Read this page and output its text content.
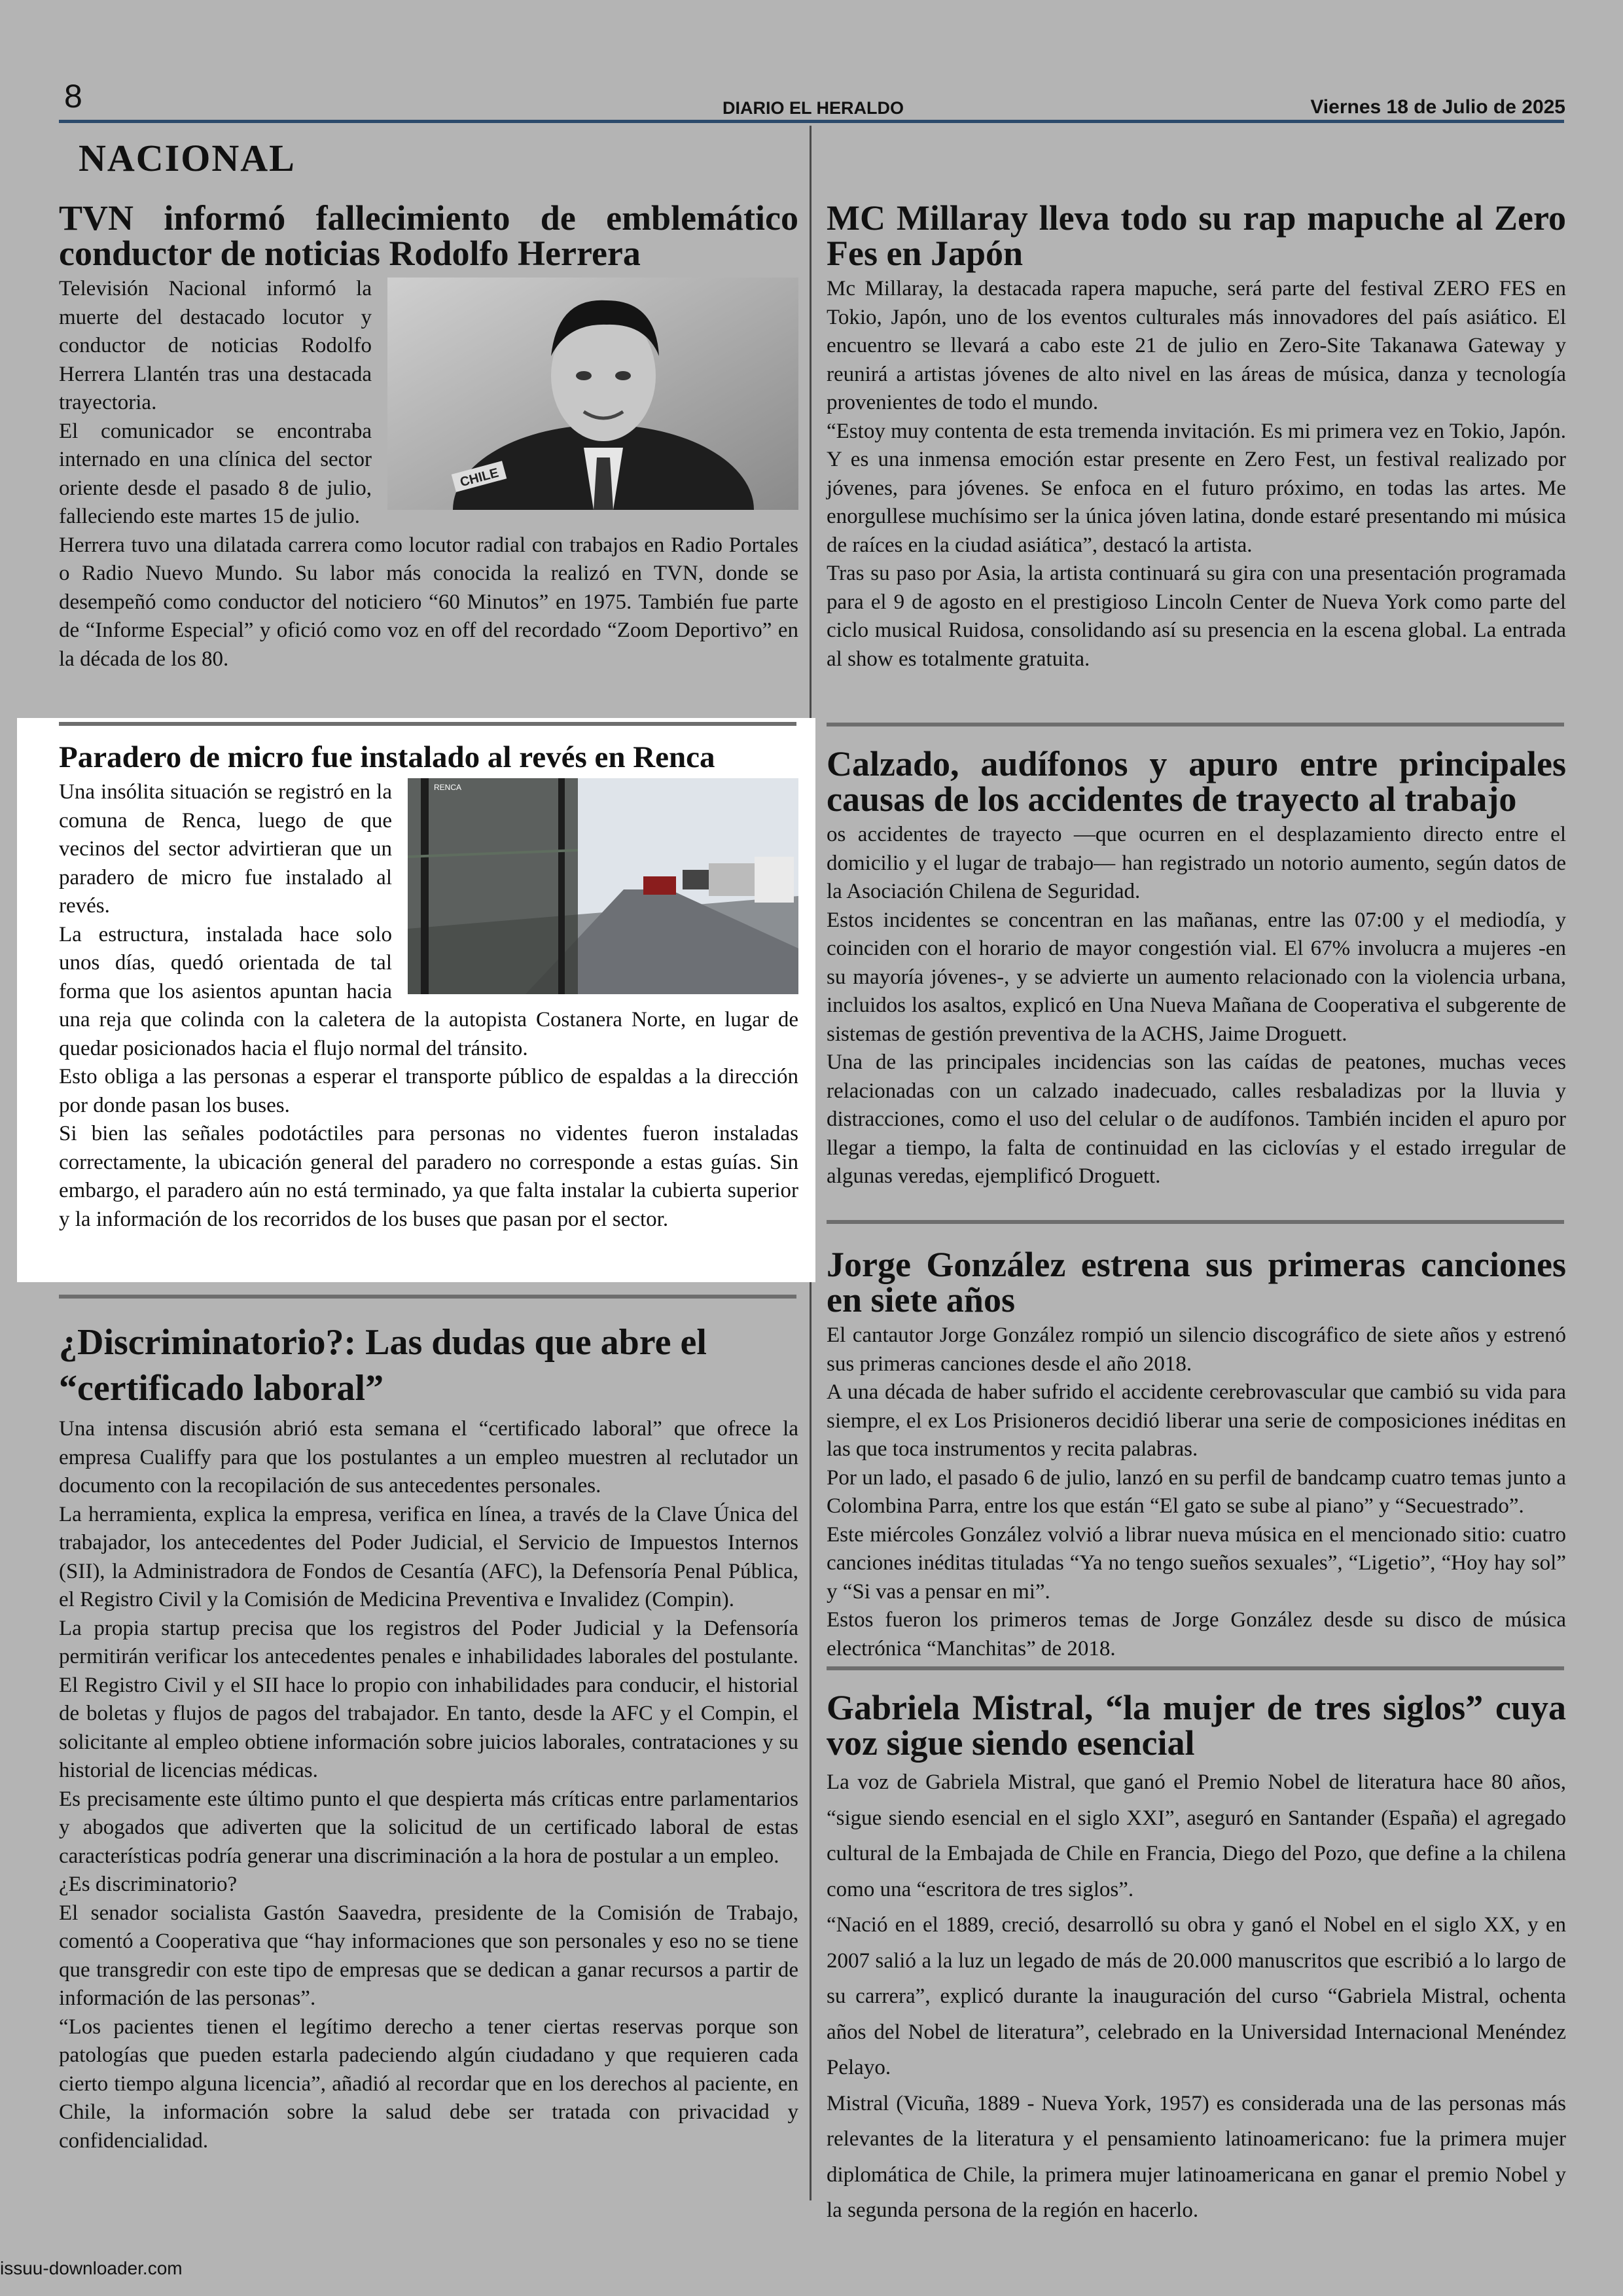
8	DIARIO EL HERALDO	Viernes 18 de Julio de 2025
NACIONAL
TVN informó fallecimiento de emblemático conductor de noticias Rodolfo Herrera
CHILE

Televisión Nacional informó la muerte del destacado locutor y conductor de noticias Rodolfo Herrera Llantén tras una destacada trayectoria.

El comunicador se encontraba internado en una clínica del sector oriente desde el pasado 8 de julio, falleciendo este martes 15 de julio.

Herrera tuvo una dilatada carrera como locutor radial con trabajos en Radio Portales o Radio Nuevo Mundo. Su labor más conocida la realizó en TVN, donde se desempeñó como conductor del noticiero “60 Minutos” en 1975. También fue parte de “Informe Especial” y ofició como voz en off del recordado “Zoom Deportivo” en la década de los 80.

Paradero de micro fue instalado al revés en Renca
RENCA

Una insólita situación se registró en la comuna de Renca, luego de que vecinos del sector advirtieran que un paradero de micro fue instalado al revés.

La estructura, instalada hace solo unos días, quedó orientada de tal forma que los asientos apuntan hacia una reja que colinda con la caletera de la autopista Costanera Norte, en lugar de quedar posicionados hacia el flujo normal del tránsito.

Esto obliga a las personas a esperar el transporte público de espaldas a la dirección por donde pasan los buses.

Si bien las señales podotáctiles para personas no videntes fueron instaladas correctamente, la ubicación general del paradero no corresponde a estas guías. Sin embargo, el paradero aún no está terminado, ya que falta instalar la cubierta superior y la información de los recorridos de los buses que pasan por el sector.

¿Discriminatorio?: Las dudas que abre el “certificado laboral”

Una intensa discusión abrió esta semana el “certificado laboral” que ofrece la empresa Cualiffy para que los postulantes a un empleo muestren al reclutador un documento con la recopilación de sus antecedentes personales.

La herramienta, explica la empresa, verifica en línea, a través de la Clave Única del trabajador, los antecedentes del Poder Judicial, el Servicio de Impuestos Internos (SII), la Administradora de Fondos de Cesantía (AFC), la Defensoría Penal Pública, el Registro Civil y la Comisión de Medicina Preventiva e Invalidez (Compin).

La propia startup precisa que los registros del Poder Judicial y la Defensoría permitirán verificar los antecedentes penales e inhabilidades laborales del postulante. El Registro Civil y el SII hace lo propio con inhabilidades para conducir, el historial de boletas y flujos de pagos del trabajador. En tanto, desde la AFC y el Compin, el solicitante al empleo obtiene información sobre juicios laborales, contrataciones y su historial de licencias médicas.

Es precisamente este último punto el que despierta más críticas entre parlamentarios y abogados que adiverten que la solicitud de un certificado laboral de estas características podría generar una discriminación a la hora de postular a un empleo.

¿Es discriminatorio?

El senador socialista Gastón Saavedra, presidente de la Comisión de Trabajo, comentó a Cooperativa que “hay informaciones que son personales y eso no se tiene que transgredir con este tipo de empresas que se dedican a ganar recursos a partir de información de las personas”.

“Los pacientes tienen el legítimo derecho a tener ciertas reservas porque son patologías que pueden estarla padeciendo algún ciudadano y que requieren cada cierto tiempo alguna licencia”, añadió al recordar que en los derechos al paciente, en Chile, la información sobre la salud debe ser tratada con privacidad y confidencialidad.

MC Millaray lleva todo su rap mapuche al Zero Fes en Japón

Mc Millaray, la destacada rapera mapuche, será parte del festival ZERO FES en Tokio, Japón, uno de los eventos culturales más innovadores del país asiático. El encuentro se llevará a cabo este 21 de julio en Zero-Site Takanawa Gateway y reunirá a artistas jóvenes de alto nivel en las áreas de música, danza y tecnología provenientes de todo el mundo.

“Estoy muy contenta de esta tremenda invitación. Es mi primera vez en Tokio, Japón. Y es una inmensa emoción estar presente en Zero Fest, un festival realizado por jóvenes, para jóvenes. Se enfoca en el futuro próximo, en todas las artes. Me enorgullese muchísimo ser la única jóven latina, donde estaré presentando mi música de raíces en la ciudad asiática”, destacó la artista.

Tras su paso por Asia, la artista continuará su gira con una presentación programada para el 9 de agosto en el prestigioso Lincoln Center de Nueva York como parte del ciclo musical Ruidosa, consolidando así su presencia en la escena global. La entrada al show es totalmente gratuita.

Calzado, audífonos y apuro entre principales causas de los accidentes de trayecto al trabajo

os accidentes de trayecto —que ocurren en el desplazamiento directo entre el domicilio y el lugar de trabajo— han registrado un notorio aumento, según datos de la Asociación Chilena de Seguridad.

Estos incidentes se concentran en las mañanas, entre las 07:00 y el mediodía, y coinciden con el horario de mayor congestión vial. El 67% involucra a mujeres -en su mayoría jóvenes-, y se advierte un aumento relacionado con la violencia urbana, incluidos los asaltos, explicó en Una Nueva Mañana de Cooperativa el subgerente de sistemas de gestión preventiva de la ACHS, Jaime Droguett.

Una de las principales incidencias son las caídas de peatones, muchas veces relacionadas con un calzado inadecuado, calles resbaladizas por la lluvia y distracciones, como el uso del celular o de audífonos. También inciden el apuro por llegar a tiempo, la falta de continuidad en las ciclovías y el estado irregular de algunas veredas, ejemplificó Droguett.

Jorge González estrena sus primeras canciones en siete años

El cantautor Jorge González rompió un silencio discográfico de siete años y estrenó sus primeras canciones desde el año 2018.

A una década de haber sufrido el accidente cerebrovascular que cambió su vida para siempre, el ex Los Prisioneros decidió liberar una serie de composiciones inéditas en las que toca instrumentos y recita palabras.

Por un lado, el pasado 6 de julio, lanzó en su perfil de bandcamp cuatro temas junto a Colombina Parra, entre los que están “El gato se sube al piano” y “Secuestrado”.

Este miércoles González volvió a librar nueva música en el mencionado sitio: cuatro canciones inéditas tituladas “Ya no tengo sueños sexuales”, “Ligetio”, “Hoy hay sol” y “Si vas a pensar en mi”.

Estos fueron los primeros temas de Jorge González desde su disco de música electrónica “Manchitas” de 2018.

Gabriela Mistral, “la mujer de tres siglos” cuya voz sigue siendo esencial

La voz de Gabriela Mistral, que ganó el Premio Nobel de literatura hace 80 años, “sigue siendo esencial en el siglo XXI”, aseguró en Santander (España) el agregado cultural de la Embajada de Chile en Francia, Diego del Pozo, que define a la chilena como una “escritora de tres siglos”.

“Nació en el 1889, creció, desarrolló su obra y ganó el Nobel en el siglo XX, y en 2007 salió a la luz un legado de más de 20.000 manuscritos que escribió a lo largo de su carrera”, explicó durante la inauguración del curso “Gabriela Mistral, ochenta años del Nobel de literatura”, celebrado en la Universidad Internacional Menéndez Pelayo.

Mistral (Vicuña, 1889 - Nueva York, 1957) es considerada una de las personas más relevantes de la literatura y el pensamiento latinoamericano: fue la primera mujer diplomática de Chile, la primera mujer latinoamericana en ganar el premio Nobel y la segunda persona de la región en hacerlo.

issuu-downloader.com
